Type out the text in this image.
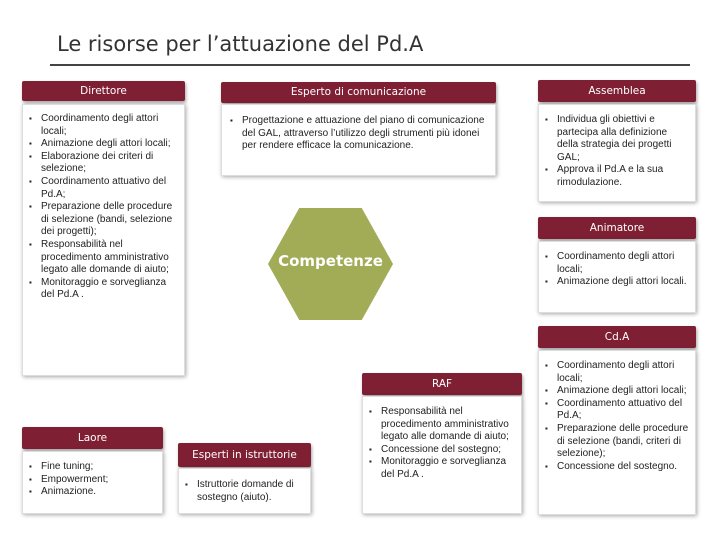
Le risorse per l’attuazione del Pd.A
Direttore
▪ Coordinamento degli attori locali;
▪ Animazione degli attori locali;
▪ Elaborazione dei criteri di selezione;
▪ Coordinamento attuativo del Pd.A;
▪ Preparazione delle procedure di selezione (bandi, selezione dei progetti);
▪ Responsabilità nel procedimento amministrativo legato alle domande di aiuto;
▪ Monitoraggio e sorveglianza del Pd.A .
Esperto di comunicazione
▪ Progettazione e attuazione del piano di comunicazione del GAL, attraverso l’utilizzo degli strumenti più idonei per rendere efficace la comunicazione.
Assemblea
▪ Individua gli obiettivi e partecipa alla definizione della strategia dei progetti GAL;
▪ Approva il Pd.A e la sua rimodulazione.
Animatore
▪ Coordinamento degli attori locali;
▪ Animazione degli attori locali.
Cd.A
▪ Coordinamento degli attori locali;
▪ Animazione degli attori locali;
▪ Coordinamento attuativo del Pd.A;
▪ Preparazione delle procedure di selezione (bandi, criteri di selezione);
▪ Concessione del sostegno.
Competenze
RAF
▪ Responsabilità nel procedimento amministrativo legato alle domande di aiuto;
▪ Concessione del sostegno;
▪ Monitoraggio e sorveglianza del Pd.A .
Laore
▪ Fine tuning;
▪ Empowerment;
▪ Animazione.
Esperti in istruttorie
▪ Istruttorie domande di sostegno (aiuto).
